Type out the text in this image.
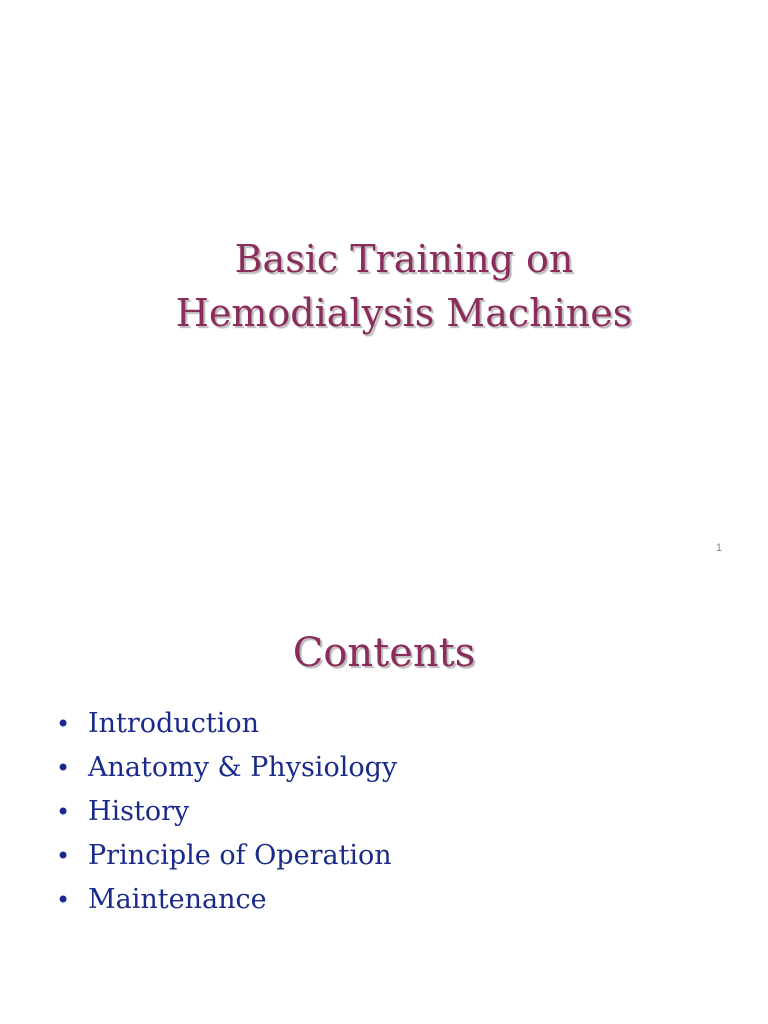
Basic Training on
Hemodialysis Machines
1
Contents
• Introduction
• Anatomy & Physiology
• History
• Principle of Operation
• Maintenance
